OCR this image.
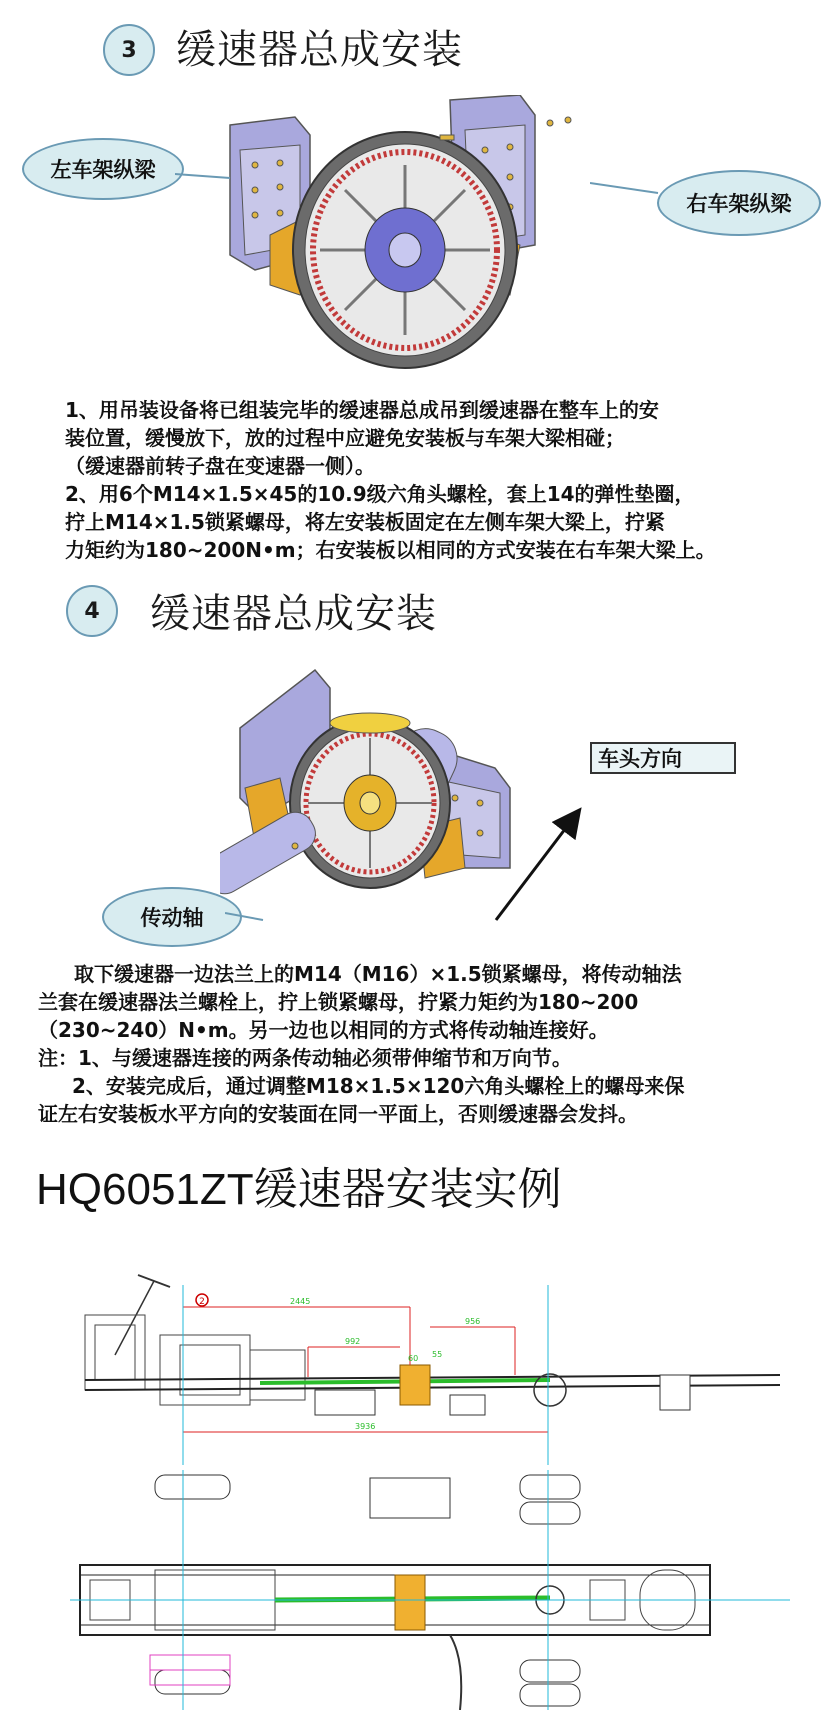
3 缓速器总成安装
左车架纵梁
右车架纵梁
1、用吊装设备将已组装完毕的缓速器总成吊到缓速器在整车上的安
装位置，缓慢放下，放的过程中应避免安装板与车架大梁相碰；
（缓速器前转子盘在变速器一侧）。
2、用6个M14×1.5×45的10.9级六角头螺栓，套上14的弹性垫圈，
拧上M14×1.5锁紧螺母，将左安装板固定在左侧车架大梁上，拧紧
力矩约为180~200N•m；右安装板以相同的方式安装在右车架大梁上。
4	缓速器总成安装
车头方向
传动轴
取下缓速器一边法兰上的M14（M16）×1.5锁紧螺母，将传动轴法
兰套在缓速器法兰螺栓上，拧上锁紧螺母，拧紧力矩约为180~200
（230~240）N•m。另一边也以相同的方式将传动轴连接好。
注：1、与缓速器连接的两条传动轴必须带伸缩节和万向节。
2、安装完成后，通过调整M18×1.5×120六角头螺栓上的螺母来保
证左右安装板水平方向的安装面在同一平面上，否则缓速器会发抖。
HQ6051ZT缓速器安装实例
2	2445
992
956
55
60
3936
